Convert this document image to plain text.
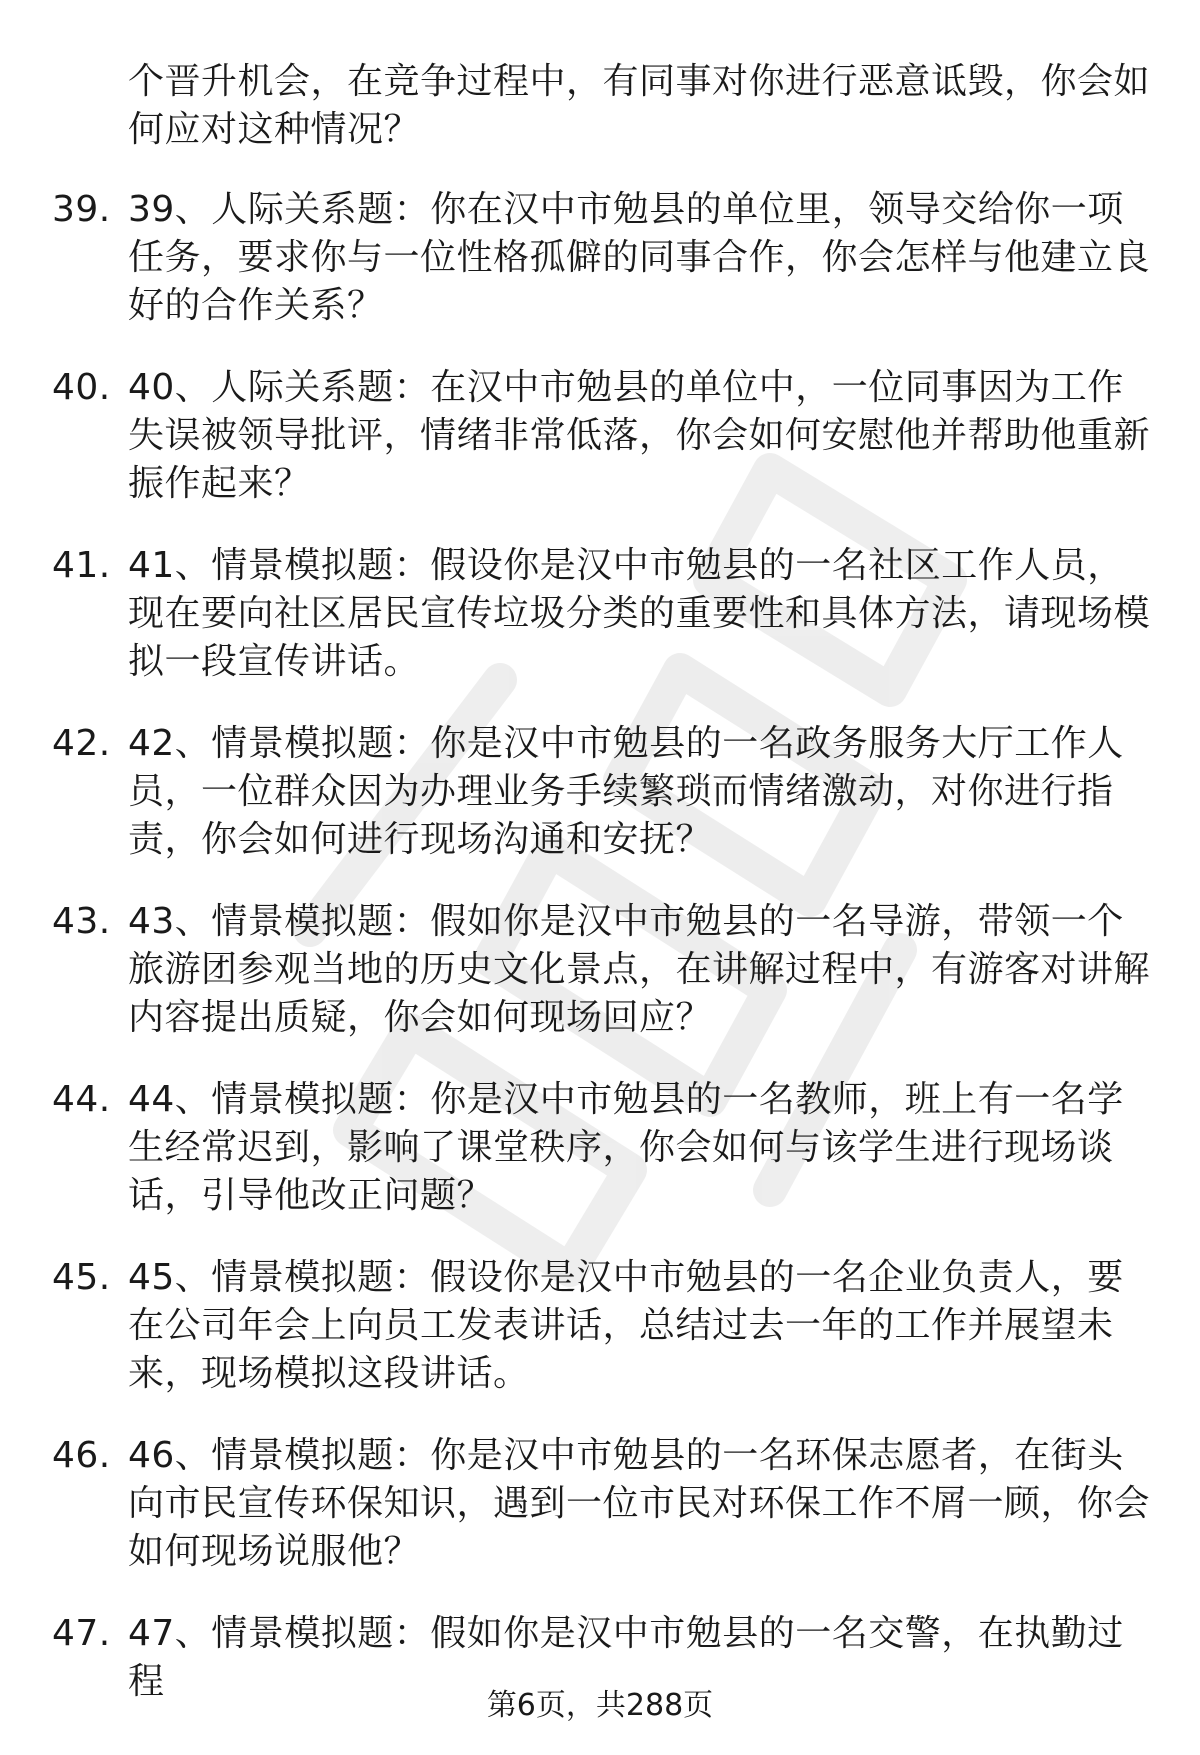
个晋升机会，在竞争过程中，有同事对你进行恶意诋毁，你会如何应对这种情况？
39. 39、人际关系题：你在汉中市勉县的单位里，领导交给你一项任务，要求你与一位性格孤僻的同事合作，你会怎样与他建立良好的合作关系？
40. 40、人际关系题：在汉中市勉县的单位中，一位同事因为工作失误被领导批评，情绪非常低落，你会如何安慰他并帮助他重新振作起来？
41. 41、情景模拟题：假设你是汉中市勉县的一名社区工作人员，现在要向社区居民宣传垃圾分类的重要性和具体方法，请现场模拟一段宣传讲话。
42. 42、情景模拟题：你是汉中市勉县的一名政务服务大厅工作人员，一位群众因为办理业务手续繁琐而情绪激动，对你进行指责，你会如何进行现场沟通和安抚？
43. 43、情景模拟题：假如你是汉中市勉县的一名导游，带领一个旅游团参观当地的历史文化景点，在讲解过程中，有游客对讲解内容提出质疑，你会如何现场回应？
44. 44、情景模拟题：你是汉中市勉县的一名教师，班上有一名学生经常迟到，影响了课堂秩序，你会如何与该学生进行现场谈话，引导他改正问题？
45. 45、情景模拟题：假设你是汉中市勉县的一名企业负责人，要在公司年会上向员工发表讲话，总结过去一年的工作并展望未来，现场模拟这段讲话。
46. 46、情景模拟题：你是汉中市勉县的一名环保志愿者，在街头向市民宣传环保知识，遇到一位市民对环保工作不屑一顾，你会如何现场说服他？
47. 47、情景模拟题：假如你是汉中市勉县的一名交警，在执勤过程
第6页，共288页
